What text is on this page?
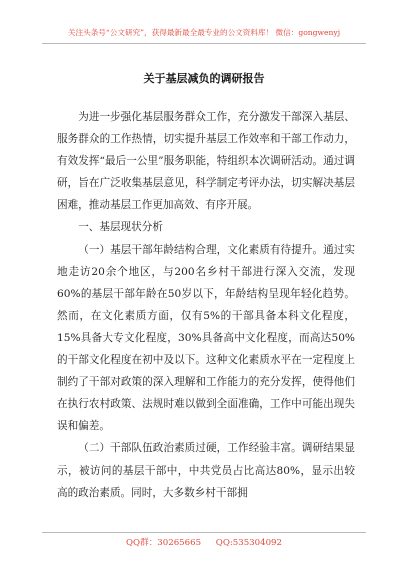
关注头条号“公文研究”，获得最新最全最专业的公文资料库！ 微信：gongwenyj
关于基层减负的调研报告

为进一步强化基层服务群众工作，充分激发干部深入基层、服务群众的工作热情，切实提升基层工作效率和干部工作动力，有效发挥“最后一公里”服务职能，特组织本次调研活动。通过调研，旨在广泛收集基层意见，科学制定考评办法，切实解决基层困难，推动基层工作更加高效、有序开展。

一、基层现状分析

（一）基层干部年龄结构合理，文化素质有待提升。通过实地走访20余个地区，与200名乡村干部进行深入交流，发现60%的基层干部年龄在50岁以下，年龄结构呈现年轻化趋势。然而，在文化素质方面，仅有5%的干部具备本科文化程度，15%具备大专文化程度，30%具备高中文化程度，而高达50%的干部文化程度在初中及以下。这种文化素质水平在一定程度上制约了干部对政策的深入理解和工作能力的充分发挥，使得他们在执行农村政策、法规时难以做到全面准确，工作中可能出现失误和偏差。

（二）干部队伍政治素质过硬，工作经验丰富。调研结果显示，被访问的基层干部中，中共党员占比高达80%，显示出较高的政治素质。同时，大多数乡村干部拥

QQ群：30265665 QQ:535304092
